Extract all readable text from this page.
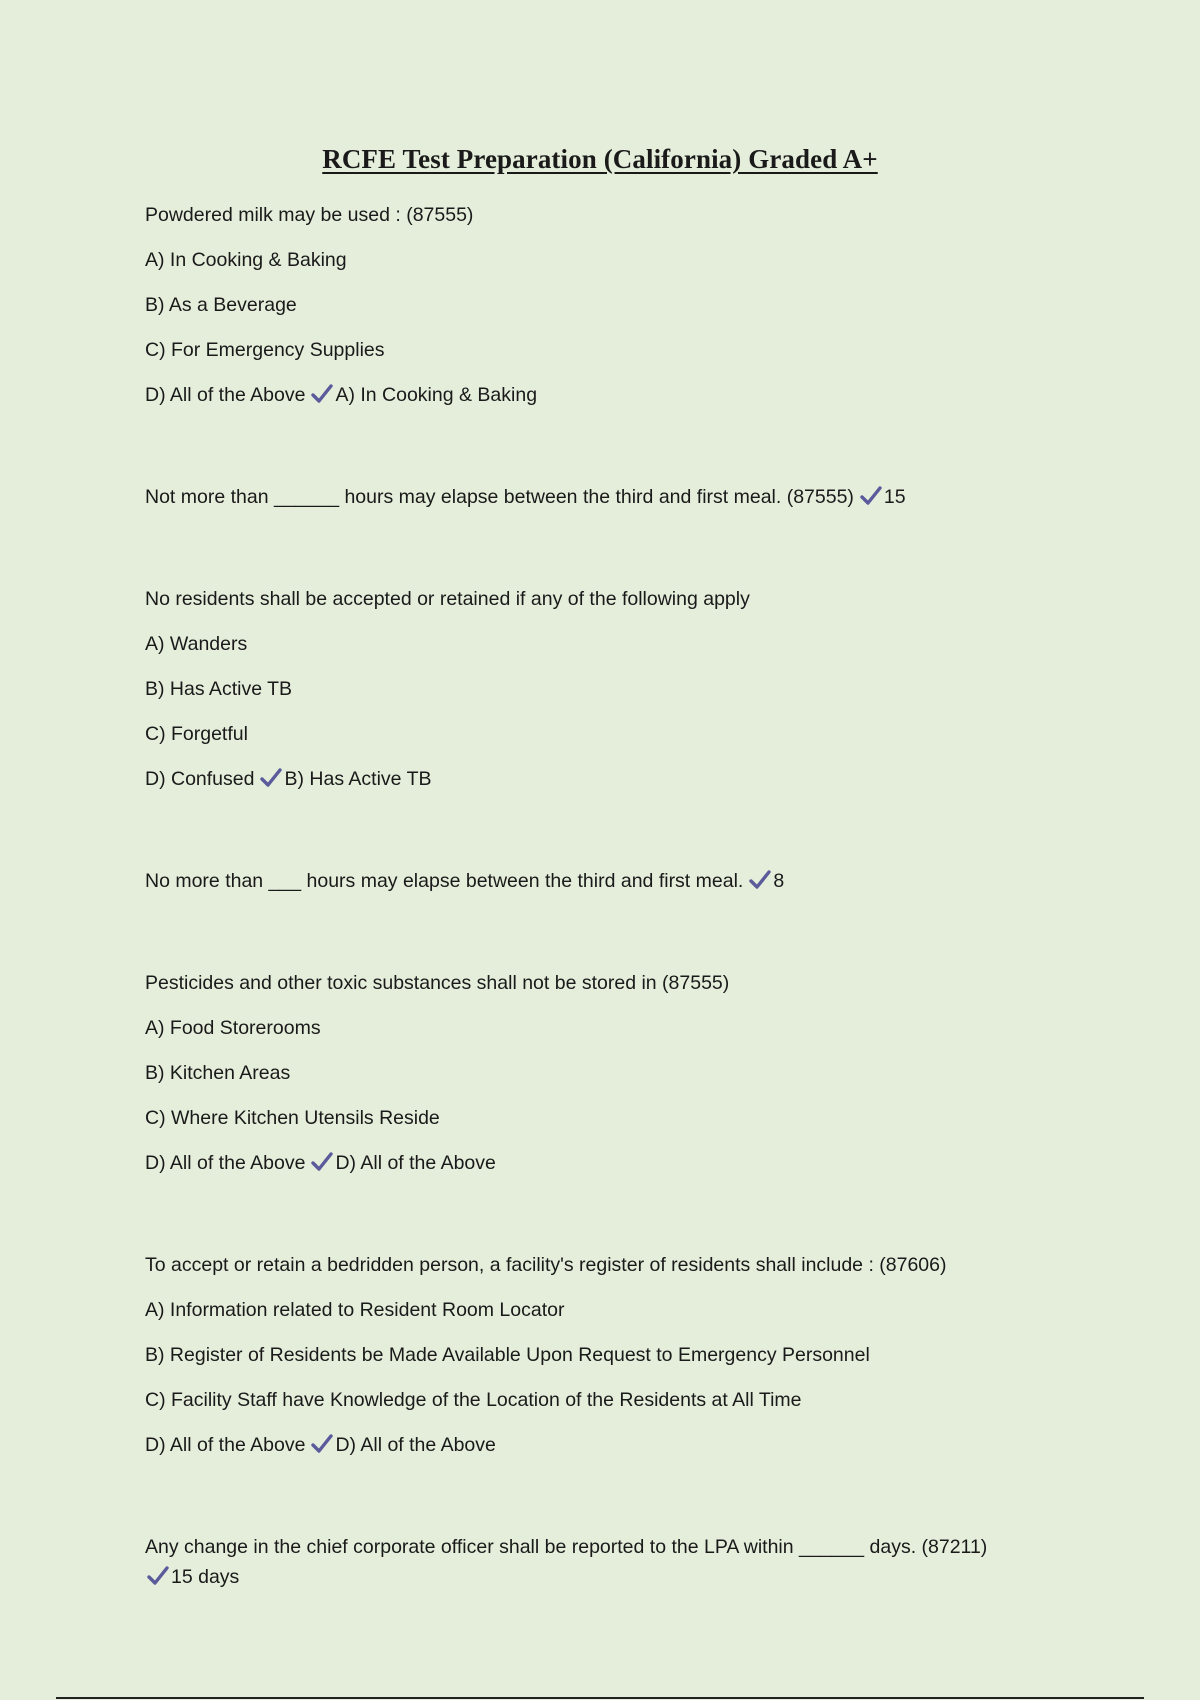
RCFE Test Preparation (California) Graded A+
Powdered milk may be used : (87555)
A) In Cooking & Baking
B) As a Beverage
C) For Emergency Supplies
D) All of the Above A) In Cooking & Baking
Not more than ______ hours may elapse between the third and first meal. (87555) 15
No residents shall be accepted or retained if any of the following apply
A) Wanders
B) Has Active TB
C) Forgetful
D) Confused B) Has Active TB
No more than ___ hours may elapse between the third and first meal. 8
Pesticides and other toxic substances shall not be stored in (87555)
A) Food Storerooms
B) Kitchen Areas
C) Where Kitchen Utensils Reside
D) All of the Above D) All of the Above
To accept or retain a bedridden person, a facility's register of residents shall include : (87606)
A) Information related to Resident Room Locator
B) Register of Residents be Made Available Upon Request to Emergency Personnel
C) Facility Staff have Knowledge of the Location of the Residents at All Time
D) All of the Above D) All of the Above
Any change in the chief corporate officer shall be reported to the LPA within ______ days. (87211)
15 days
